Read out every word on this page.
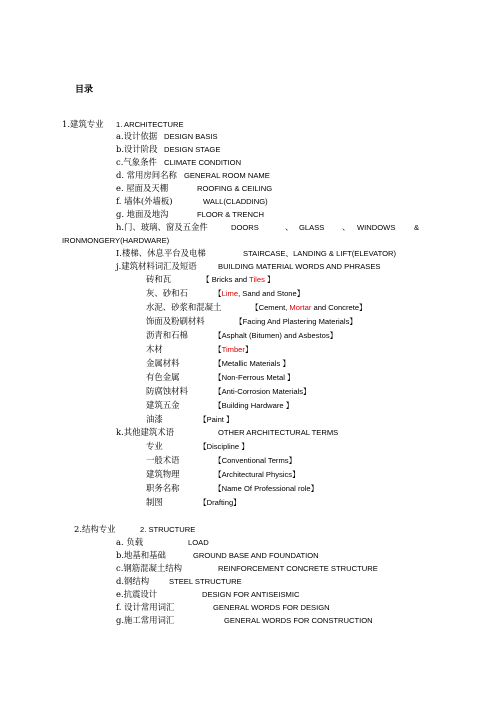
目录
1.建筑专业 1. ARCHITECTURE
a.设计依据 DESIGN BASIS
b.设计阶段 DESIGN STAGE
c.气象条件 CLIMATE CONDITION
d. 常用房间名称 GENERAL ROOM NAME
e. 屋面及天棚	ROOFING & CEILING
f. 墙体(外墙板)	WALL(CLADDING)
g. 地面及地沟	FLOOR & TRENCH
h.门、玻璃、窗及五金件	DOORS	、 GLASS 、 WINDOWS &
IRONMONGERY(HARDWARE)
I.楼梯、休息平台及电梯	STAIRCASE、LANDING & LIFT(ELEVATOR)
j.建筑材料词汇及短语	BUILDING MATERIAL WORDS AND PHRASES
砖和瓦	【 Bricks and Tiles 】
灰、砂和石	【Lime, Sand and Stone】
水泥、砂浆和混凝土	【Cement, Mortar and Concrete】
饰面及粉刷材料	【Facing And Plastering Materials】
沥青和石棉	【Asphalt (Bitumen) and Asbestos】
木材	【Timber】
金属材料	【Metallic Materials 】
有色金属	【Non-Ferrous Metal 】
防腐蚀材料	【Anti-Corrosion Materials】
建筑五金	【Building Hardware 】
油漆	【Paint 】
k.其他建筑术语	OTHER ARCHITECTURAL TERMS
专业	【Discipline 】
一般术语	【Conventional Terms】
建筑物理	【Architectural Physics】
职务名称	【Name Of Professional role】
制图	【Drafting】
2.结构专业	2. STRUCTURE
a. 负载	LOAD
b.地基和基础	GROUND BASE AND FOUNDATION
c.钢筋混凝土结构	REINFORCEMENT CONCRETE STRUCTURE
d.钢结构	STEEL STRUCTURE
e.抗震设计	DESIGN FOR ANTISEISMIC
f. 设计常用词汇	GENERAL WORDS FOR DESIGN
g.施工常用词汇	GENERAL WORDS FOR CONSTRUCTION
